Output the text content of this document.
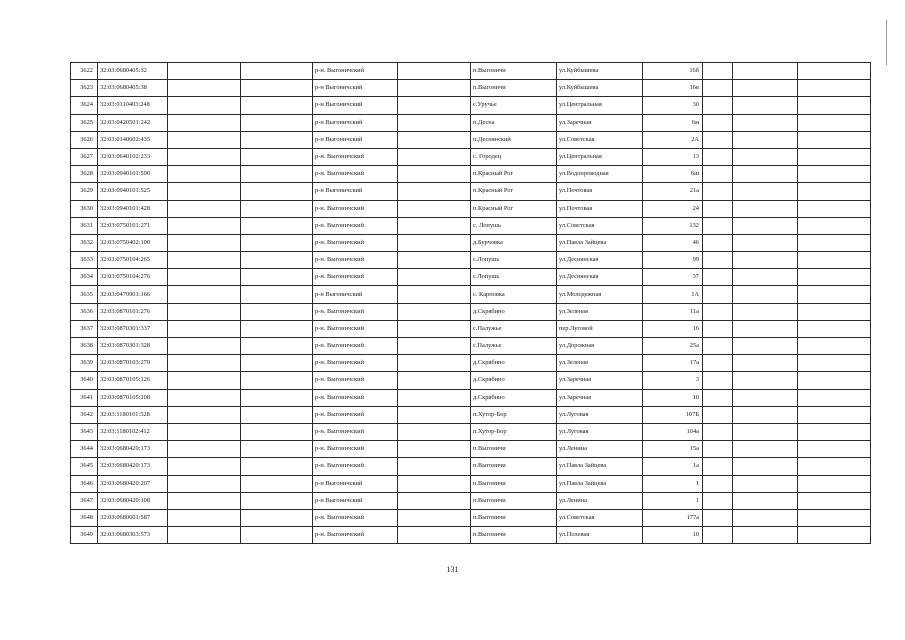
3622	32:03:0680405:32			р-н. Выгоничский		п.Выгоничи	ул.Куйбышева	16б			
3623	32:03:0680405:38			р-н Выгоничский		п.Выгоничи	ул.Куйбышева	16в			
3624	32:03:0110403:248			р-н Выгоничский		с.Уручье	ул.Центральная	30			
3625	32:03:0420501:242			р-н Выгоничский		п.Десна	ул.Заречная	6м			
3626	32:03:0140602:435			р-н Выгоничский		п.Деснянский	ул.Советская	2А			
3627	32:03:0640102:233			р-н. Выгоничский		с. Городец	ул.Центральная	13			
3628	32:03:0940101:590			р-н. Выгоничский		п.Красный Рог	ул.Водопроводная	6ш			
3629	32:03:0940101:525			р-н Выгоничский		п.Красный Рог	ул.Почтовая	21а			
3630	32:03:0940101:428			р-н. Выгоничский		п.Красный Рог	ул.Почтовая	24			
3631	32:03:0750101:271			р-н. Выгоничский		с. Лопушь	ул.Советская	132			
3632	32:03:0750402:100			р-н. Выгоничский		д.Бурчовка	ул.Павла Зайцева	46			
3633	32:03:0750104:265			р-н. Выгоничский		с.Лопушь	ул.Деснянская	99			
3634	32:03:0750104:276			р-н. Выгоничский		с.Лопушь	ул.Деснянская	37			
3635	32:03:0470901:166			р-н Выгоничский		с. Карповка	ул.Молодежная	1А			
3636	32:03:0870101:276			р-н. Выгоничский		д.Скрябино	ул.Зеленая	11а			
3637	32:03:0870301:337			р-н. Выгоничский		с.Палужье	пер.Луговой	16			
3638	32:03:0870301:328			р-н. Выгоничский		с.Палужье	ул.Дорожная	25а			
3639	32:03:0870103:270			р-н. Выгоничский		д.Скрябино	ул.Зеленая	17а			
3640	32:03:0870105:126			р-н. Выгоничский		д.Скрябино	ул.Заречная	3			
3641	32:03:0870105:108			р-н. Выгоничский		д.Скрябино	ул.Заречная	10			
3642	32:03:1180101:528			р-н. Выгоничский		п.Хутор-Бор	ул.Луговая	107Б			
3643	32:03:1180102:412			р-н. Выгоничский		п.Хутор-Бор	ул.Луговая	104а			
3644	32:03:0680420:173			р-н. Выгоничский		п.Выгоничи	ул.Ленина	15а			
3645	32:03:0680420:173			р-н. Выгоничский		п.Выгоничи	ул.Павла Зайцева	1а			
3646	32:03:0680420:207			р-н Выгоничский		п.Выгоничи	ул.Павла Зайцева	1			
3647	32:03:0680420:108			р-н Выгоничский		п.Выгоничи	ул.Ленина	1			
3648	32:03:0680601:587			р-н. Выгоничский		п.Выгоничи	ул.Советская	177а			
3649	32:03:0680303:573			р-н. Выгоничский		п.Выгоничи	ул.Полевая	10			
131
